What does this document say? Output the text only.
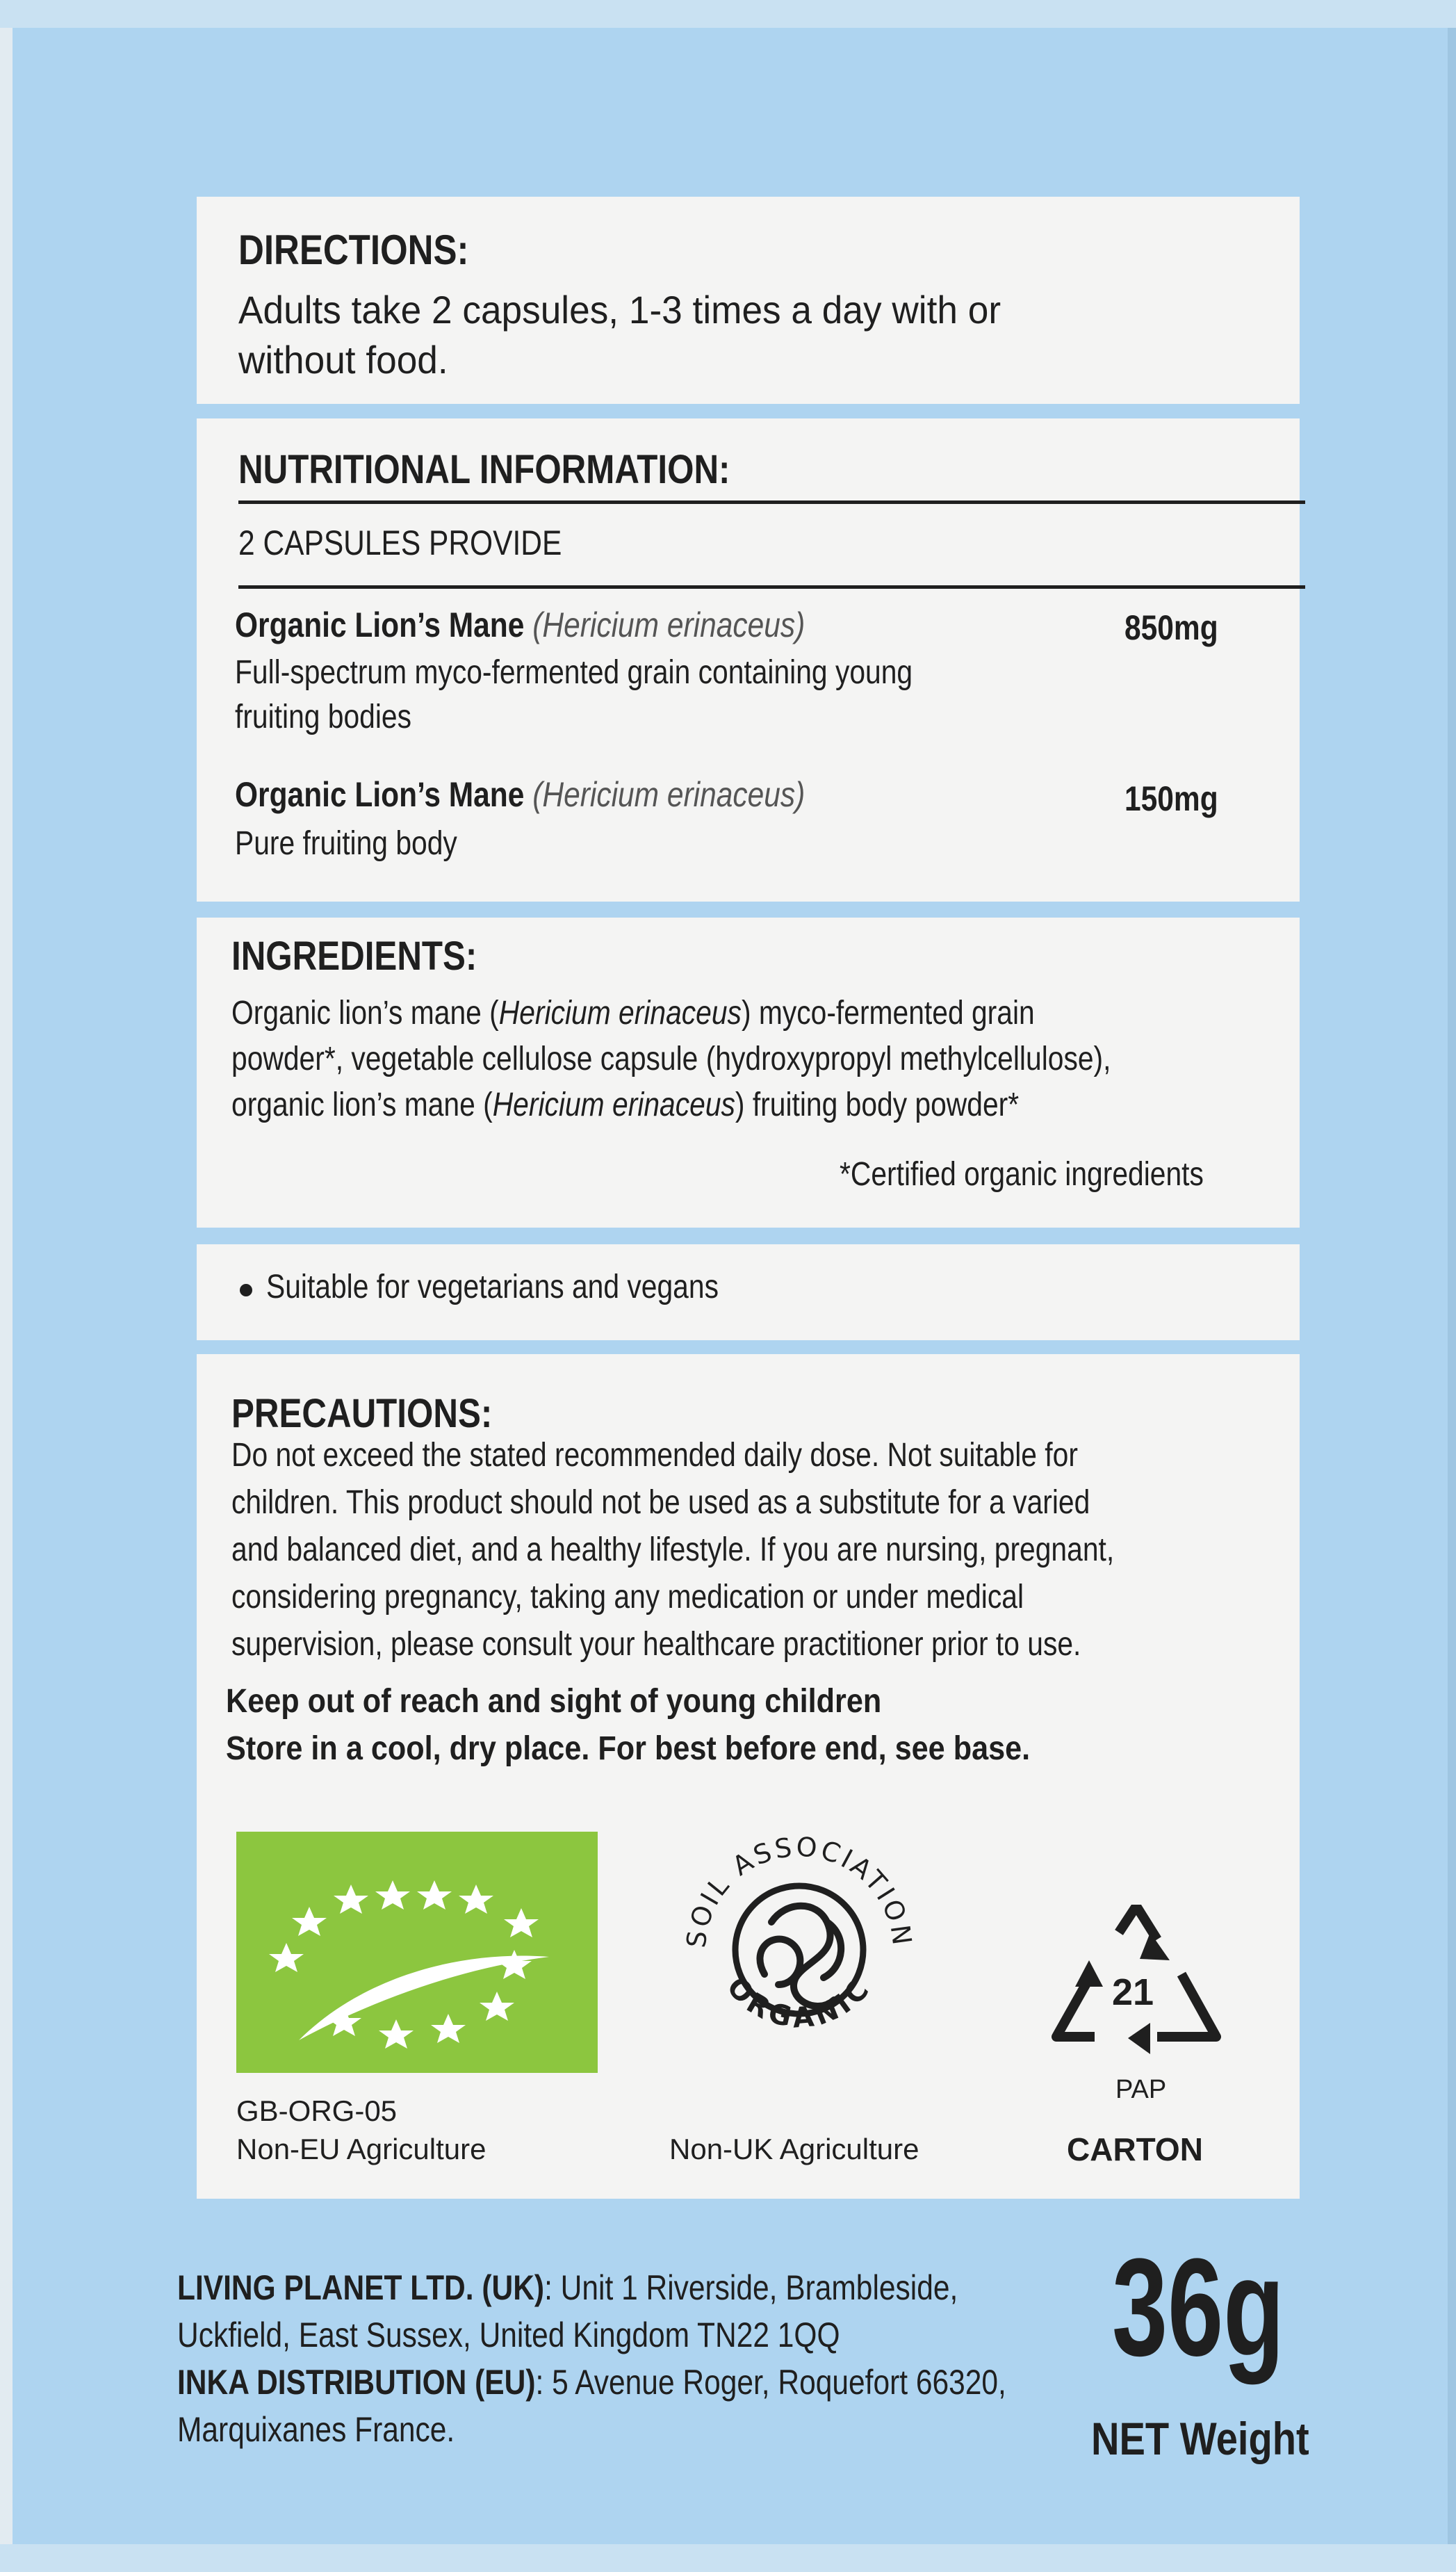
DIRECTIONS:
Adults take 2 capsules, 1-3 times a day with or
without food.
NUTRITIONAL INFORMATION:
2 CAPSULES PROVIDE
Organic Lion’s Mane (Hericium erinaceus)	850mg
Full-spectrum myco-fermented grain containing young
fruiting bodies
Organic Lion’s Mane (Hericium erinaceus)	150mg
Pure fruiting body
INGREDIENTS:
Organic lion’s mane (Hericium erinaceus) myco-fermented grain
powder*, vegetable cellulose capsule (hydroxypropyl methylcellulose),
organic lion’s mane (Hericium erinaceus) fruiting body powder*
*Certified organic ingredients
Suitable for vegetarians and vegans
PRECAUTIONS:
Do not exceed the stated recommended daily dose. Not suitable for
children. This product should not be used as a substitute for a varied
and balanced diet, and a healthy lifestyle. If you are nursing, pregnant,
considering pregnancy, taking any medication or under medical
supervision, please consult your healthcare practitioner prior to use.
Keep out of reach and sight of young children
Store in a cool, dry place. For best before end, see base.
GB-ORG-05
Non-EU Agriculture
SOIL ASSOCIATION
ORGANIC
Non-UK Agriculture
21
PAP
CARTON
LIVING PLANET LTD. (UK): Unit 1 Riverside, Brambleside,
Uckfield, East Sussex, United Kingdom TN22 1QQ
INKA DISTRIBUTION (EU): 5 Avenue Roger, Roquefort 66320,
Marquixanes France.
36g
NET Weight
